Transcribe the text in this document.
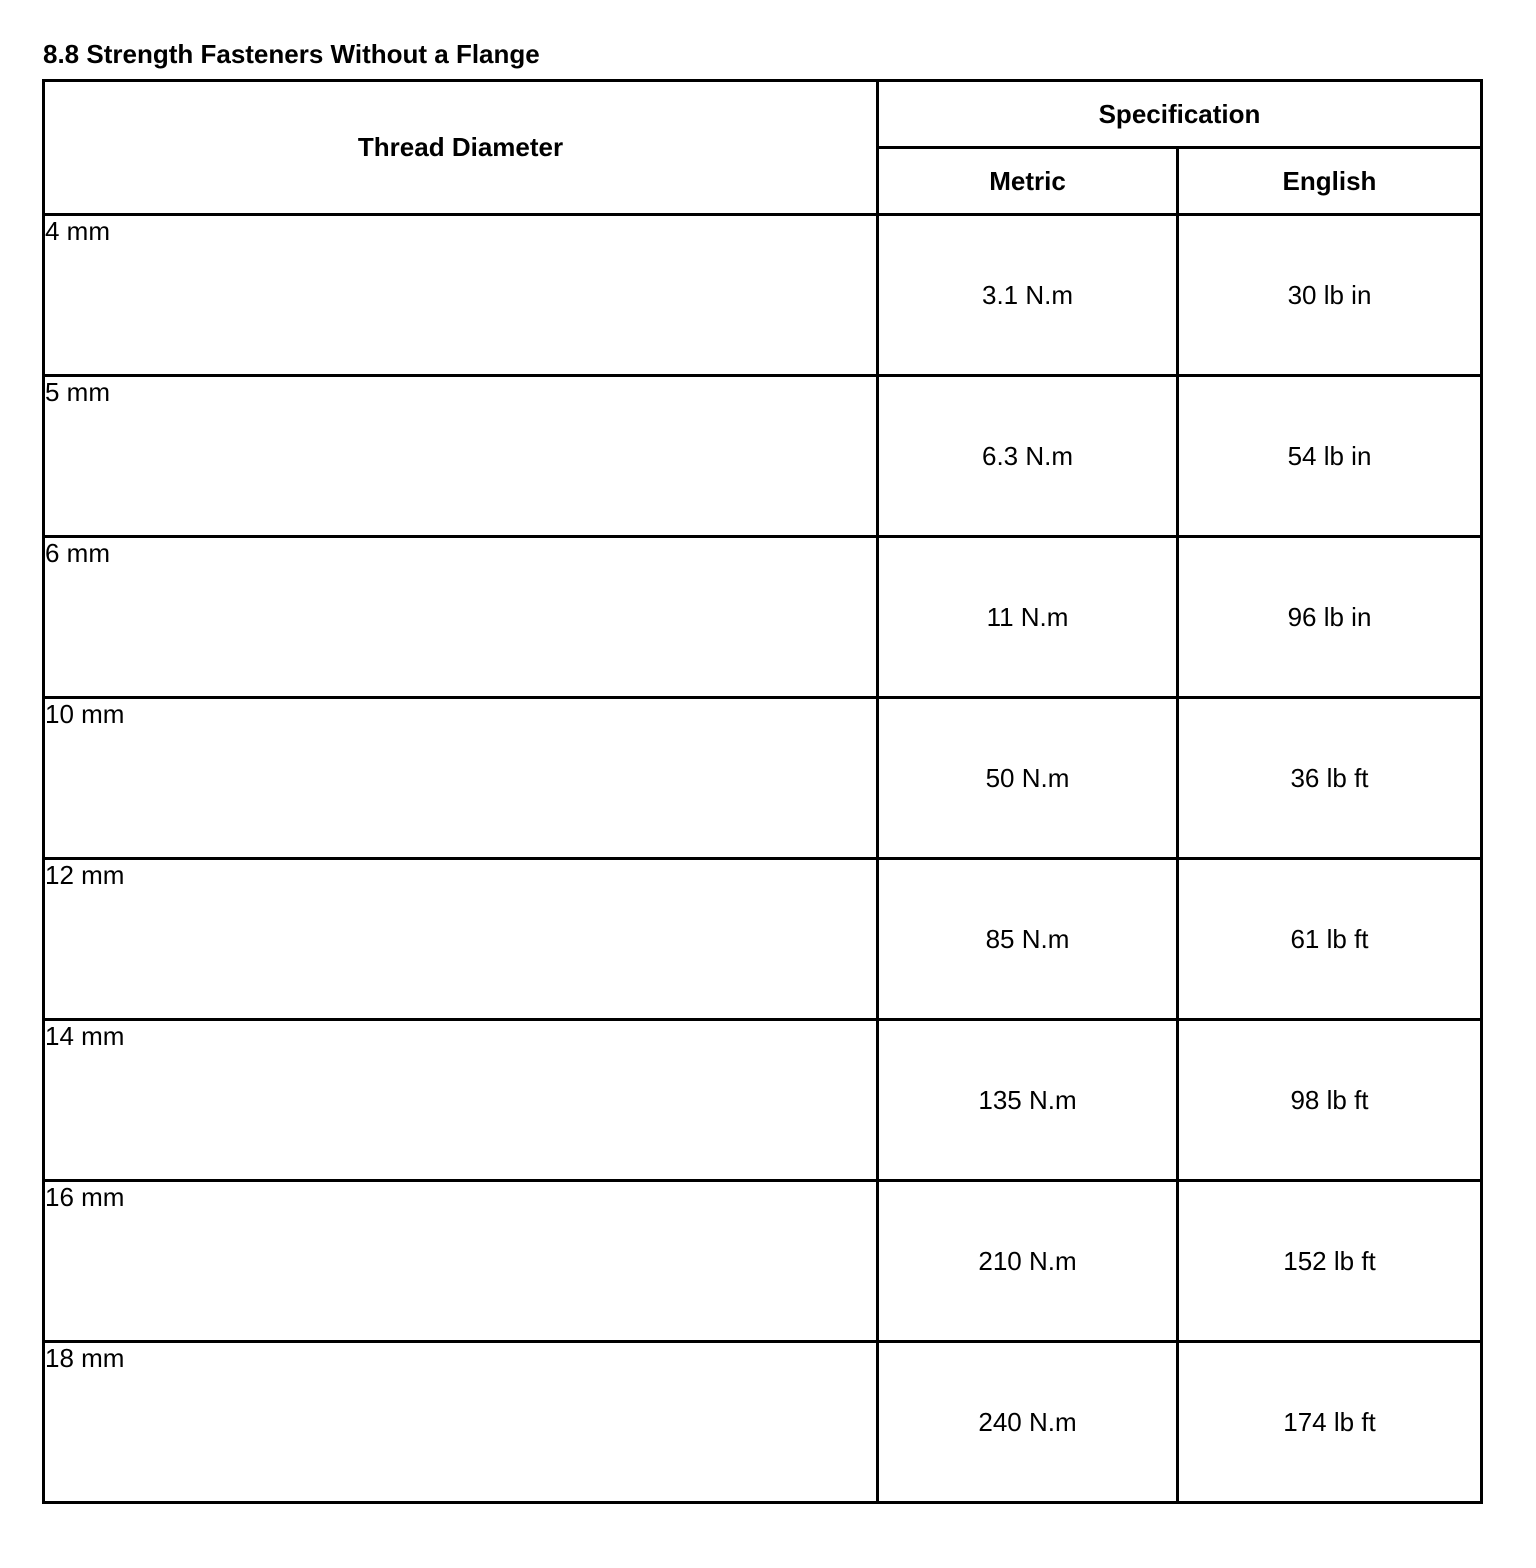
8.8 Strength Fasteners Without a Flange
Thread Diameter	Specification	
	Metric	English
4 mm	3.1 N.m	30 lb in
5 mm	6.3 N.m	54 lb in
6 mm	11 N.m	96 lb in
10 mm	50 N.m	36 lb ft
12 mm	85 N.m	61 lb ft
14 mm	135 N.m	98 lb ft
16 mm	210 N.m	152 lb ft
18 mm	240 N.m	174 lb ft
